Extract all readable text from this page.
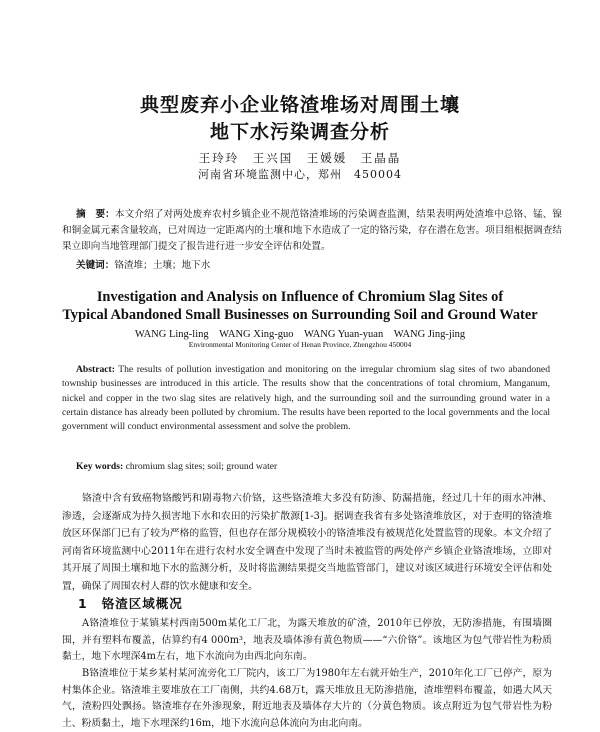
典型废弃小企业铬渣堆场对周围土壤
地下水污染调查分析
王玲玲　王兴国　王媛媛　王晶晶
河南省环境监测中心，郑州　450004
摘　要：本文介绍了对两处废弃农村乡镇企业不规范铬渣堆场的污染调查监测，结果表明两处渣堆中总铬、锰、镍和铜金属元素含量较高，已对周边一定距离内的土壤和地下水造成了一定的铬污染，存在潜在危害。项目组根据调查结果立即向当地管理部门提交了报告进行进一步安全评估和处置。
关键词：铬渣堆；土壤；地下水
Investigation and Analysis on Influence of Chromium Slag Sites of
Typical Abandoned Small Businesses on Surrounding Soil and Ground Water
WANG Ling-ling　WANG Xing-guo　WANG Yuan-yuan　WANG Jing-jing
Environmental Monitoring Center of Henan Province, Zhengzhou 450004
Abstract: The results of pollution investigation and monitoring on the irregular chromium slag sites of two abandoned township businesses are introduced in this article. The results show that the concentrations of total chromium, Manganum, nickel and copper in the two slag sites are relatively high, and the surrounding soil and the surrounding ground water in a certain distance has already been polluted by chromium. The results have been reported to the local governments and the local government will conduct environmental assessment and solve the problem.
Key words: chromium slag sites; soil; ground water
铬渣中含有致癌物铬酸钙和剧毒物六价铬，这些铬渣堆大多没有防渗、防漏措施，经过几十年的雨水冲淋、渗透，会逐渐成为持久损害地下水和农田的污染扩散源[1-3]。据调查我省有多处铬渣堆放区，对于查明的铬渣堆放区环保部门已有了较为严格的监管，但也存在部分规模较小的铬渣堆没有被规范化处置监管的现象。本文介绍了河南省环境监测中心2011年在进行农村水安全调查中发现了当时未被监管的两处停产乡镇企业铬渣堆场，立即对其开展了周围土壤和地下水的监测分析，及时将监测结果提交当地监管部门，建议对该区域进行环境安全评估和处置，确保了周围农村人群的饮水健康和安全。
1 铬渣区域概况
A铬渣堆位于某镇某村西南500m某化工厂北，为露天堆放的矿渣，2010年已停放，无防渗措施，有围墙圈围，并有塑料布覆盖，估算约有4 000m³，地表及墙体渗有黄色物质——“六价铬”。该地区为包气带岩性为粉质黏土，地下水埋深4m左右，地下水流向为由西北向东南。
B铬渣堆位于某乡某村某河流旁化工厂院内，该工厂为1980年左右就开始生产，2010年化工厂已停产，原为村集体企业。铬渣堆主要堆放在工厂南侧，共约4.68万t，露天堆放且无防渗措施，渣堆塑料布覆盖，如遇大风天气，渣粉四处飘扬。铬渣堆存在外渗现象，附近地表及墙体存大片的（分黄色物质。该点附近为包气带岩性为粉土、粉质黏土，地下水埋深约16m，地下水流向总体流向为由北向南。
